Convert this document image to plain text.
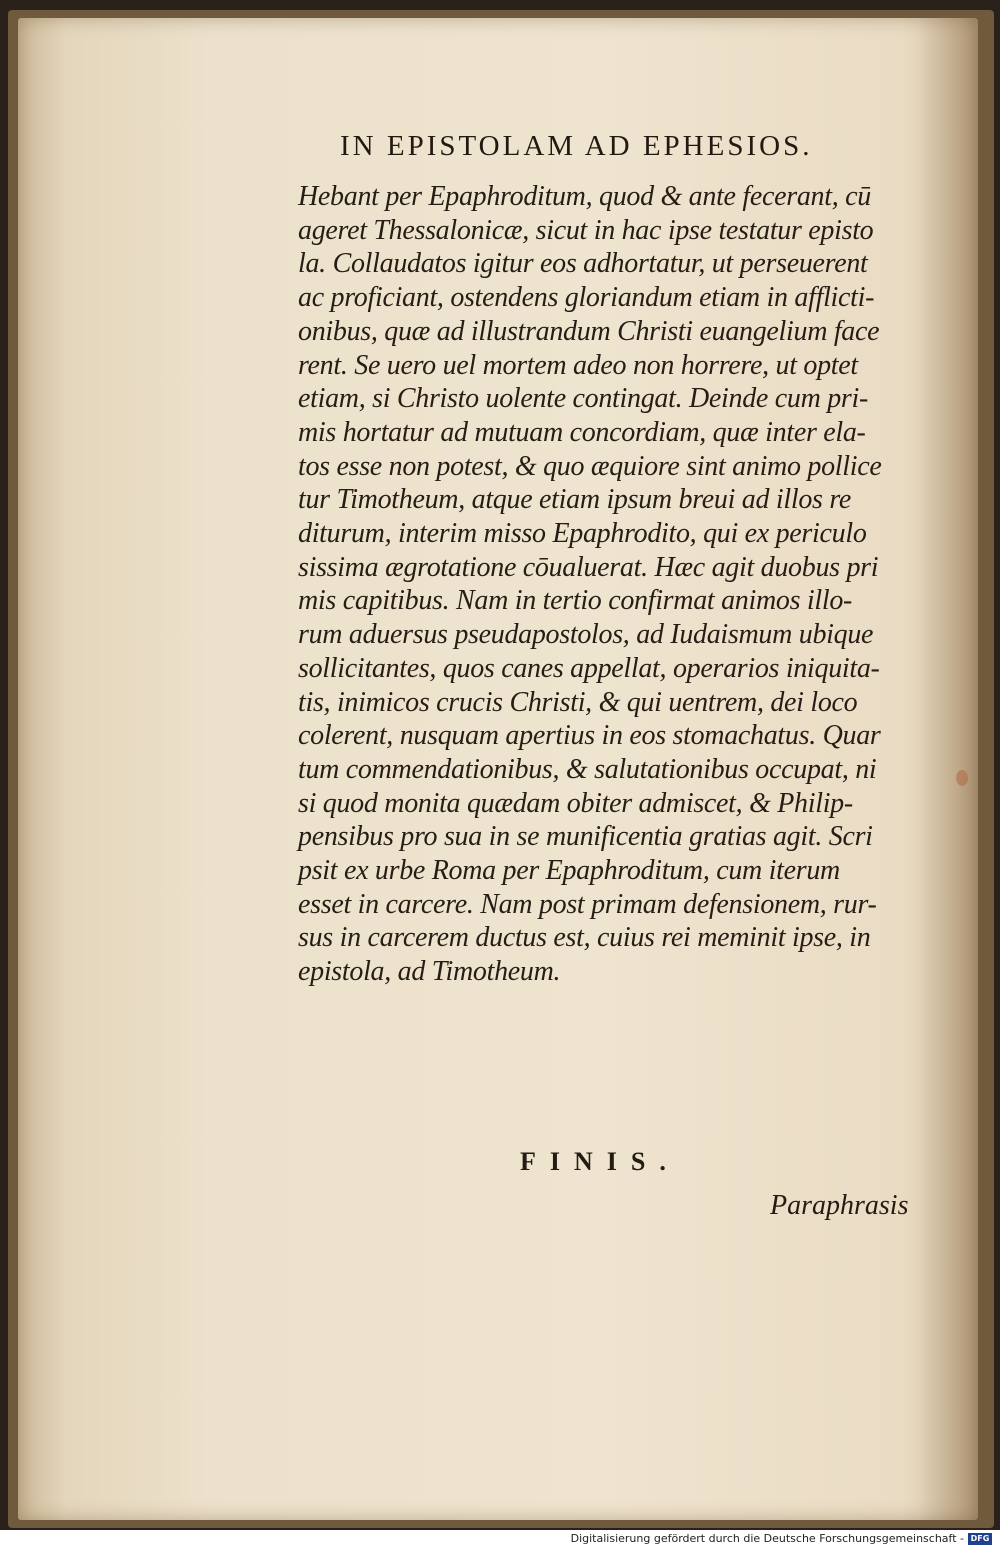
IN EPISTOLAM AD EPHESIOS.
Hebant per Epaphroditum, quod & ante fecerant, cū
ageret Thessalonicæ, sicut in hac ipse testatur episto
la. Collaudatos igitur eos adhortatur, ut perseuerent
ac proficiant, ostendens gloriandum etiam in afflicti-
onibus, quæ ad illustrandum Christi euangelium face
rent. Se uero uel mortem adeo non horrere, ut optet
etiam, si Christo uolente contingat. Deinde cum pri-
mis hortatur ad mutuam concordiam, quæ inter ela-
tos esse non potest, & quo æquiore sint animo pollice
tur Timotheum, atque etiam ipsum breui ad illos re
diturum, interim misso Epaphrodito, qui ex periculo
sissima ægrotatione cōualuerat. Hæc agit duobus pri
mis capitibus. Nam in tertio confirmat animos illo-
rum aduersus pseudapostolos, ad Iudaismum ubique
sollicitantes, quos canes appellat, operarios iniquita-
tis, inimicos crucis Christi, & qui uentrem, dei loco
colerent, nusquam apertius in eos stomachatus. Quar
tum commendationibus, & salutationibus occupat, ni
si quod monita quædam obiter admiscet, & Philip-
pensibus pro sua in se munificentia gratias agit. Scri
psit ex urbe Roma per Epaphroditum, cum iterum
esset in carcere. Nam post primam defensionem, rur-
sus in carcerem ductus est, cuius rei meminit ipse, in
epistola, ad Timotheum.
FINIS.
Paraphrasis
Digitalisierung gefördert durch die Deutsche Forschungsgemeinschaft - DFG
